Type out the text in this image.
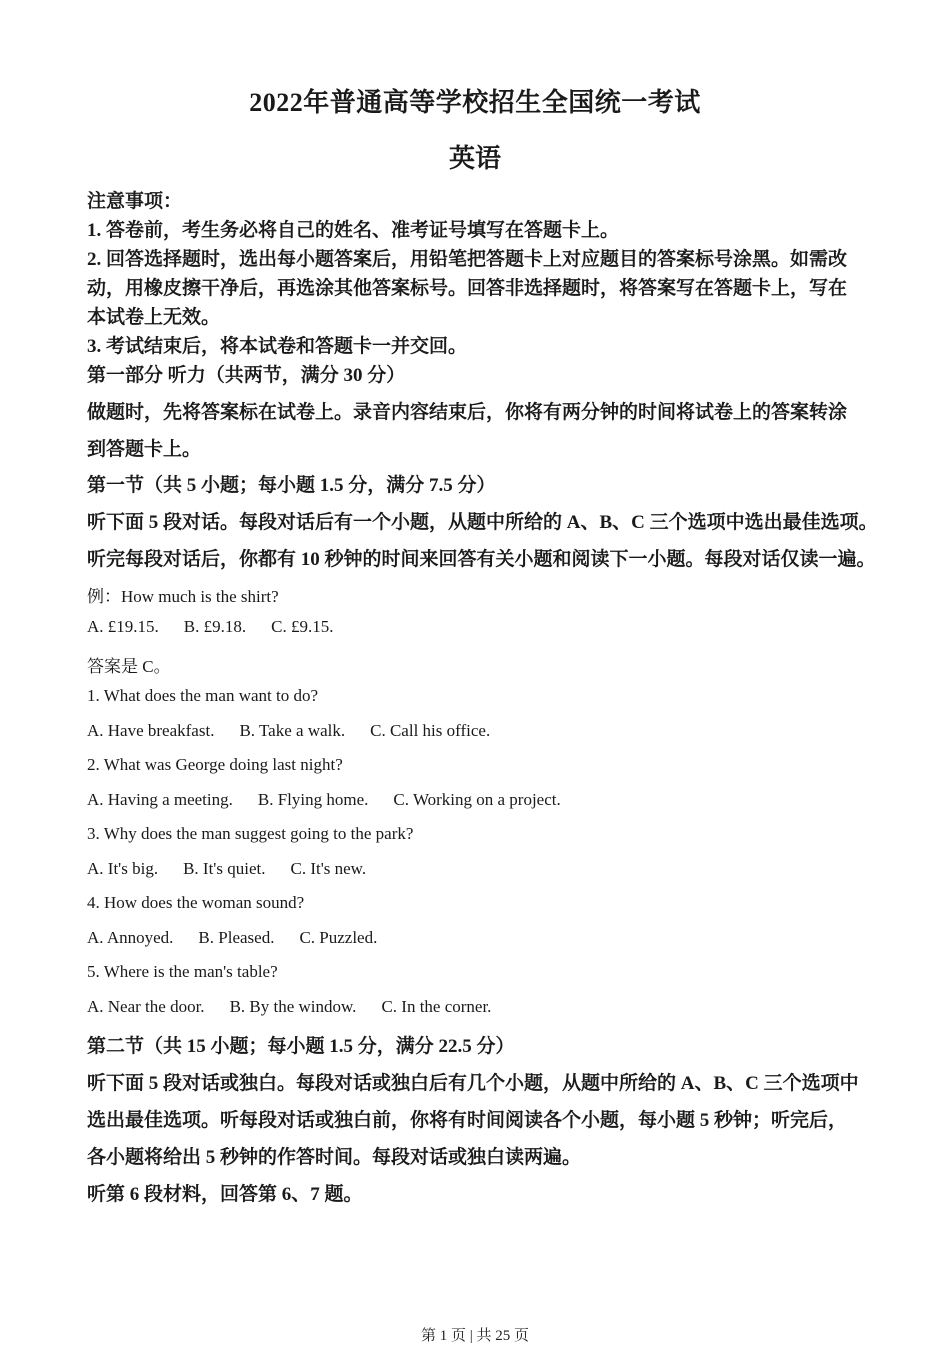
2022年普通高等学校招生全国统一考试
英语
注意事项：
1. 答卷前，考生务必将自己的姓名、准考证号填写在答题卡上。
2. 回答选择题时，选出每小题答案后，用铅笔把答题卡上对应题目的答案标号涂黑。如需改
动，用橡皮擦干净后，再选涂其他答案标号。回答非选择题时，将答案写在答题卡上，写在
本试卷上无效。
3. 考试结束后，将本试卷和答题卡一并交回。
第一部分 听力（共两节，满分 30 分）
做题时，先将答案标在试卷上。录音内容结束后，你将有两分钟的时间将试卷上的答案转涂
到答题卡上。
第一节（共 5 小题；每小题 1.5 分，满分 7.5 分）
听下面 5 段对话。每段对话后有一个小题，从题中所给的 A、B、C 三个选项中选出最佳选项。
听完每段对话后，你都有 10 秒钟的时间来回答有关小题和阅读下一小题。每段对话仅读一遍。
例：How much is the shirt?
A. £19.15. B. £9.18. C. £9.15.
答案是 C。
1. What does the man want to do?
A. Have breakfast. B. Take a walk. C. Call his office.
2. What was George doing last night?
A. Having a meeting. B. Flying home. C. Working on a project.
3. Why does the man suggest going to the park?
A. It's big. B. It's quiet. C. It's new.
4. How does the woman sound?
A. Annoyed. B. Pleased. C. Puzzled.
5. Where is the man's table?
A. Near the door. B. By the window. C. In the corner.
第二节（共 15 小题；每小题 1.5 分，满分 22.5 分）
听下面 5 段对话或独白。每段对话或独白后有几个小题，从题中所给的 A、B、C 三个选项中
选出最佳选项。听每段对话或独白前，你将有时间阅读各个小题，每小题 5 秒钟；听完后，
各小题将给出 5 秒钟的作答时间。每段对话或独白读两遍。
听第 6 段材料，回答第 6、7 题。
第 1 页 | 共 25 页
